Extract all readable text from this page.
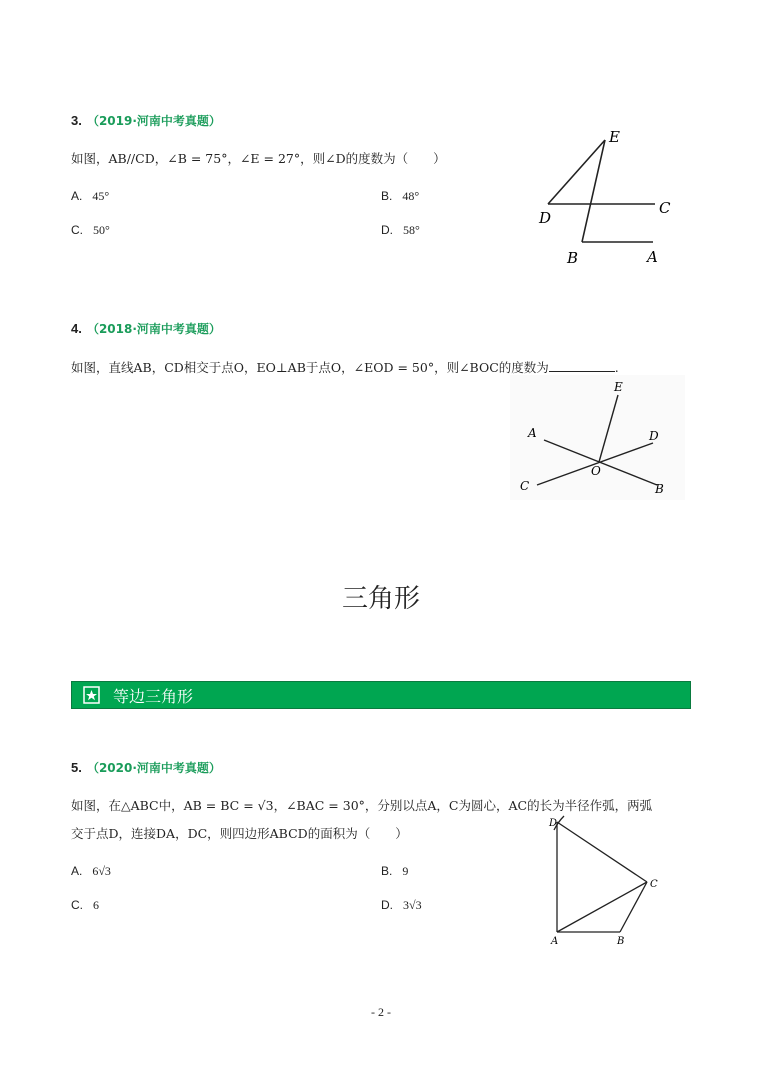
3. （2019·河南中考真题）
如图，AB//CD，∠B = 75°，∠E = 27°，则∠D的度数为（　　）
A. 45°	B. 48°
C. 50°	D. 58°
E
D
C
B	A
4. （2018·河南中考真题）
如图，直线AB，CD相交于点O，EO⊥AB于点O，∠EOD = 50°，则∠BOC的度数为	.
E
A	D
O
C	B
三角形
等边三角形
5. （2020·河南中考真题）
如图，在△ABC中，AB = BC = √3，∠BAC = 30°，分别以点A，C为圆心，AC的长为半径作弧，两弧
交于点D，连接DA，DC，则四边形ABCD的面积为（　　）
A. 6√3	B. 9
C. 6	D. 3√3
D
C
A	B
- 2 -
